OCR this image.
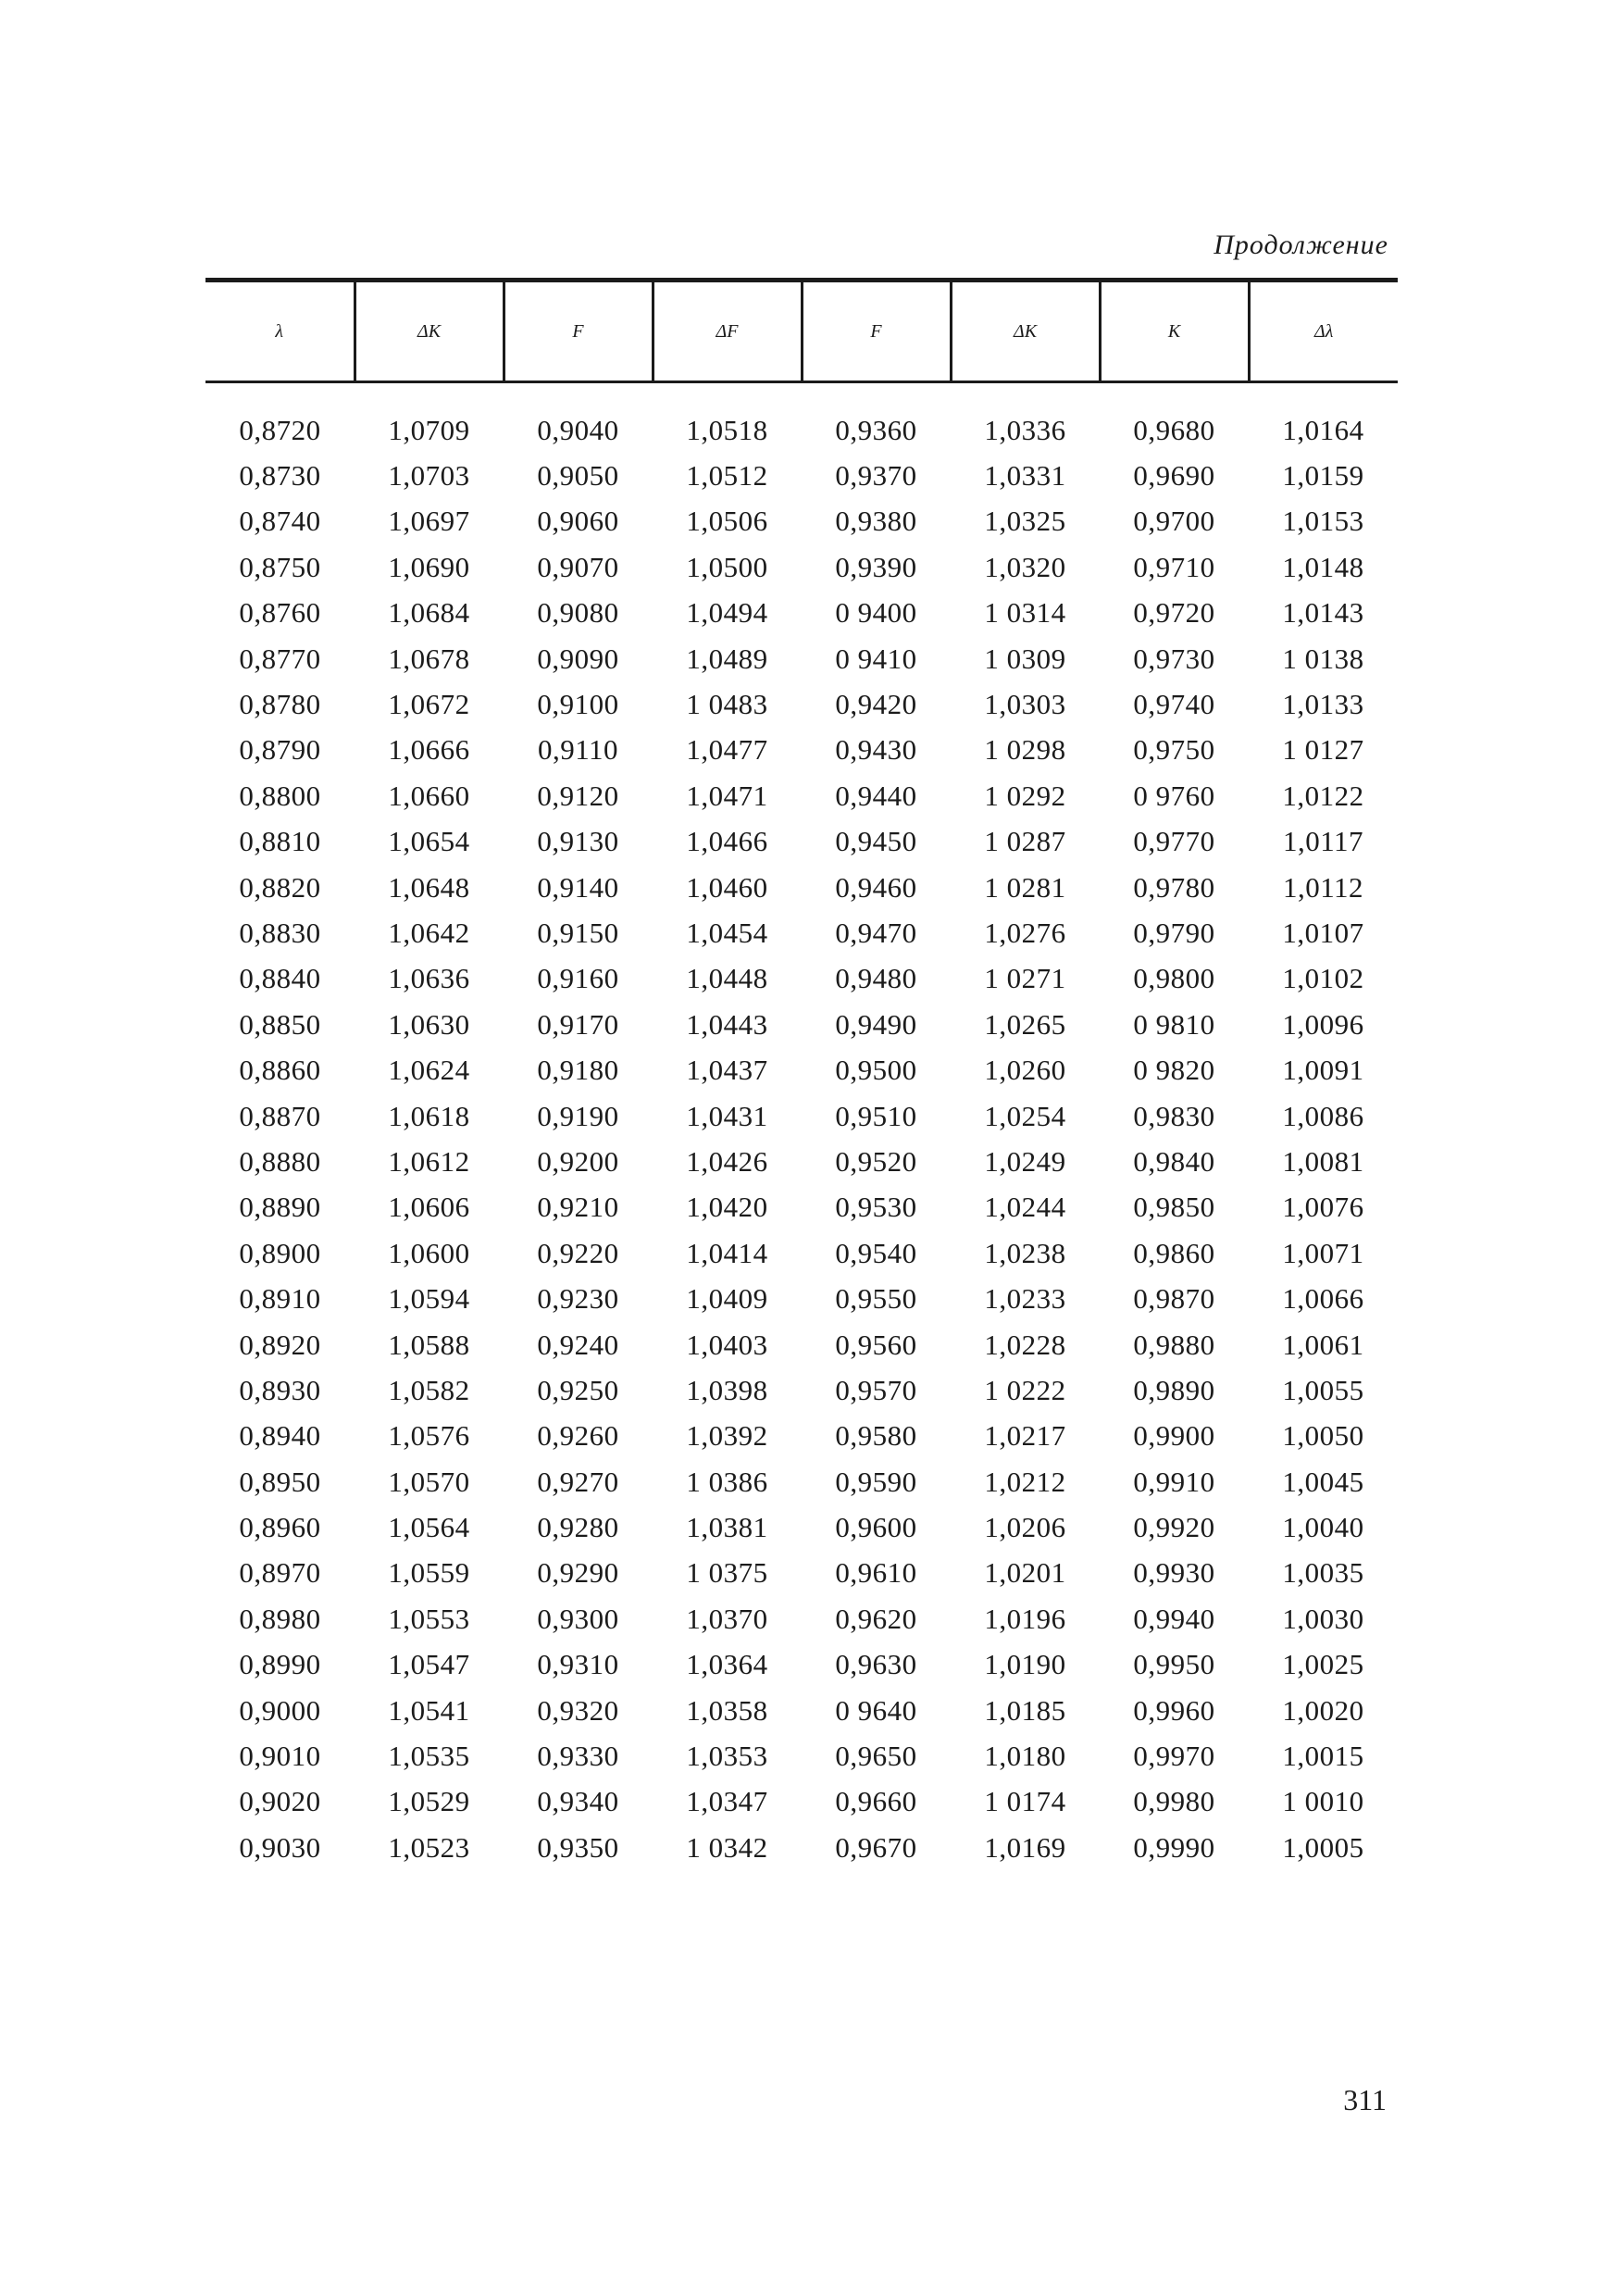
Продолжение
λ	ΔK	F	ΔF	F	ΔK	K	Δλ
0,8720	1,0709	0,9040	1,0518	0,9360	1,0336	0,9680	1,0164
0,8730	1,0703	0,9050	1,0512	0,9370	1,0331	0,9690	1,0159
0,8740	1,0697	0,9060	1,0506	0,9380	1,0325	0,9700	1,0153
0,8750	1,0690	0,9070	1,0500	0,9390	1,0320	0,9710	1,0148
0,8760	1,0684	0,9080	1,0494	0 9400	1 0314	0,9720	1,0143
0,8770	1,0678	0,9090	1,0489	0 9410	1 0309	0,9730	1 0138
0,8780	1,0672	0,9100	1 0483	0,9420	1,0303	0,9740	1,0133
0,8790	1,0666	0,9110	1,0477	0,9430	1 0298	0,9750	1 0127
0,8800	1,0660	0,9120	1,0471	0,9440	1 0292	0 9760	1,0122
0,8810	1,0654	0,9130	1,0466	0,9450	1 0287	0,9770	1,0117
0,8820	1,0648	0,9140	1,0460	0,9460	1 0281	0,9780	1,0112
0,8830	1,0642	0,9150	1,0454	0,9470	1,0276	0,9790	1,0107
0,8840	1,0636	0,9160	1,0448	0,9480	1 0271	0,9800	1,0102
0,8850	1,0630	0,9170	1,0443	0,9490	1,0265	0 9810	1,0096
0,8860	1,0624	0,9180	1,0437	0,9500	1,0260	0 9820	1,0091
0,8870	1,0618	0,9190	1,0431	0,9510	1,0254	0,9830	1,0086
0,8880	1,0612	0,9200	1,0426	0,9520	1,0249	0,9840	1,0081
0,8890	1,0606	0,9210	1,0420	0,9530	1,0244	0,9850	1,0076
0,8900	1,0600	0,9220	1,0414	0,9540	1,0238	0,9860	1,0071
0,8910	1,0594	0,9230	1,0409	0,9550	1,0233	0,9870	1,0066
0,8920	1,0588	0,9240	1,0403	0,9560	1,0228	0,9880	1,0061
0,8930	1,0582	0,9250	1,0398	0,9570	1 0222	0,9890	1,0055
0,8940	1,0576	0,9260	1,0392	0,9580	1,0217	0,9900	1,0050
0,8950	1,0570	0,9270	1 0386	0,9590	1,0212	0,9910	1,0045
0,8960	1,0564	0,9280	1,0381	0,9600	1,0206	0,9920	1,0040
0,8970	1,0559	0,9290	1 0375	0,9610	1,0201	0,9930	1,0035
0,8980	1,0553	0,9300	1,0370	0,9620	1,0196	0,9940	1,0030
0,8990	1,0547	0,9310	1,0364	0,9630	1,0190	0,9950	1,0025
0,9000	1,0541	0,9320	1,0358	0 9640	1,0185	0,9960	1,0020
0,9010	1,0535	0,9330	1,0353	0,9650	1,0180	0,9970	1,0015
0,9020	1,0529	0,9340	1,0347	0,9660	1 0174	0,9980	1 0010
0,9030	1,0523	0,9350	1 0342	0,9670	1,0169	0,9990	1,0005
311
